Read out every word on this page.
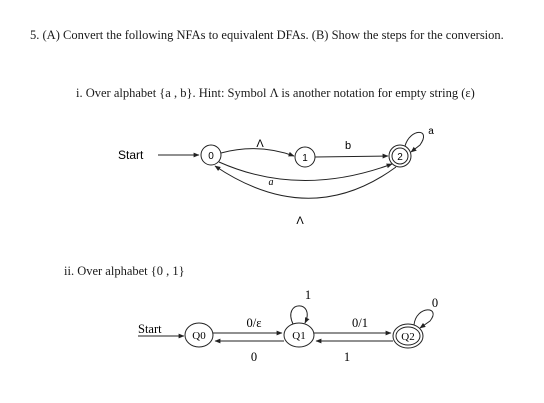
5. (A) Convert the following NFAs to equivalent DFAs. (B) Show the steps for the conversion.
i. Over alphabet {a , b}. Hint: Symbol Λ is another notation for empty string (ε)
Start	0	1	2
Λ	b
a
Λ
a
Start	Q0	Q1	Q2
0/ε
0
1
0/1
1
0
ii. Over alphabet {0 , 1}
